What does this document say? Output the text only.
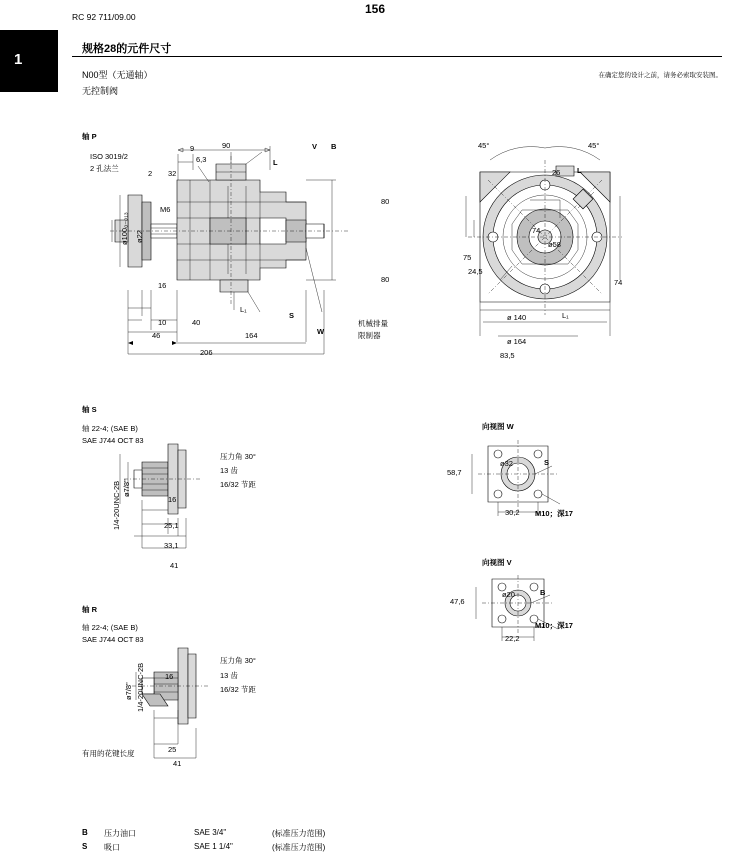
156
RC 92 711/09.00
1
规格28的元件尺寸
N00型（无通轴）
无控制阀
在确定您的设计之前，请务必索取安装图。
轴 P
ISO 3019/2
2 孔法兰
9	90
6,3
2 32
M6
ø100₀₋₀₁₃ ø22
16
10	40
46	164
206
80
80
L₁
V B
L
S
W
机械排量
限制器
45°	45°
26
74
ø58
75
24,5
74
ø 140
ø 164
83,5
L
L₁
轴 S
轴 22-4; (SAE B)
SAE J744 OCT 83
ø7/8"
1/4-20UNC-2B	16
25,1
33,1
41
压力角 30°
13 齿
16/32 节距
轴 R
轴 22-4; (SAE B)
SAE J744 OCT 83
ø7/8" 1/4-20UNC-2B	16
25
41
有用的花键长度
压力角 30°
13 齿
16/32 节距
向视图 W
S
ø32
58,7
30,2 M10；深17
向视图 V
B
ø20
47,6
22,2
M10；深17
B	压力油口	SAE 3/4"	(标准压力范围)
S	吸口	SAE 1 1/4"	(标准压力范围)
